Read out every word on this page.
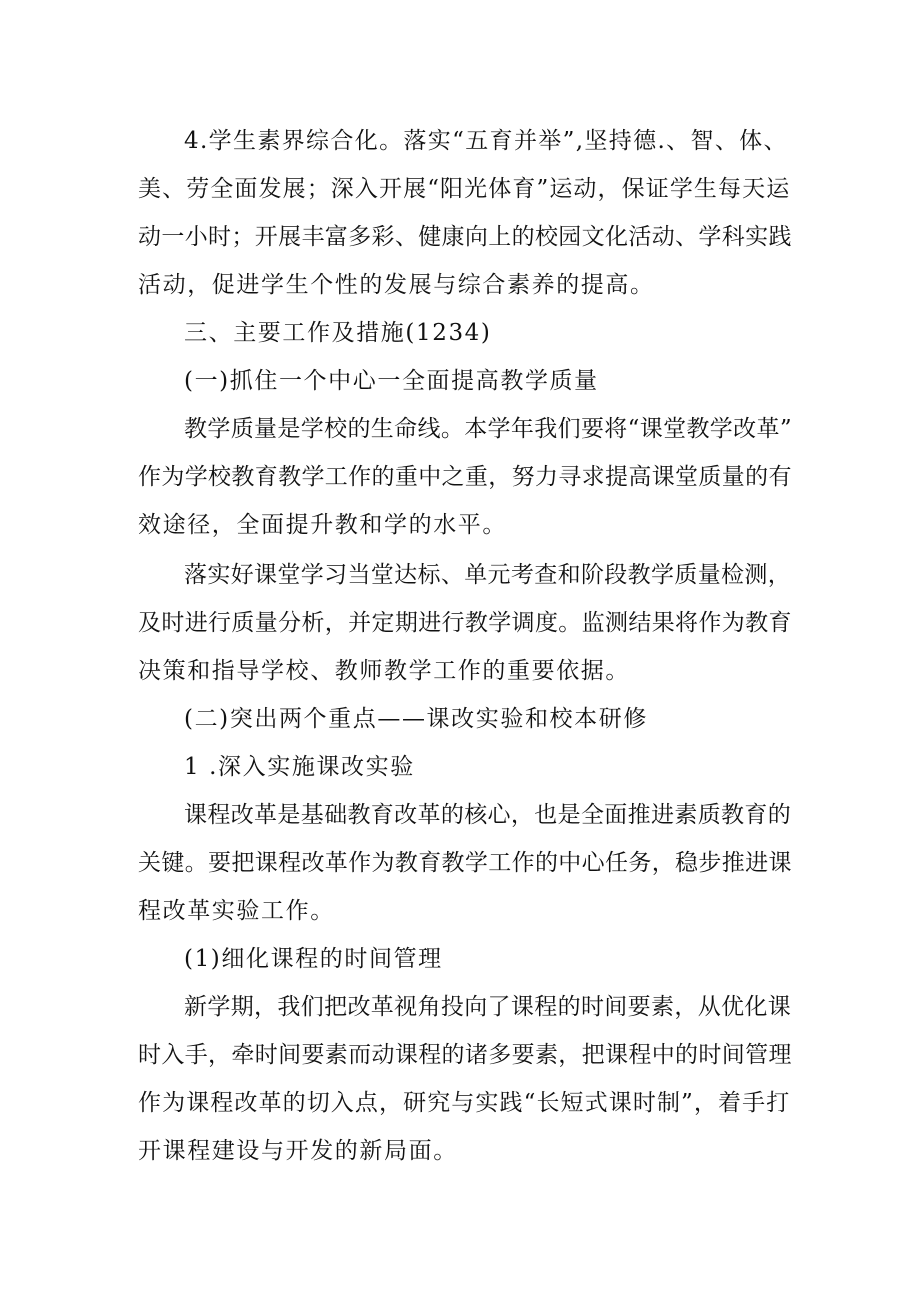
4.学生素界综合化。落实“五育并举”,坚持德.、智、体、

美、劳全面发展；深入开展“阳光体育”运动，保证学生每天运

动一小时；开展丰富多彩、健康向上的校园文化活动、学科实践

活动，促进学生个性的发展与综合素养的提高。

三、主要工作及措施(1234)

(一)抓住一个中心一全面提高教学质量

教学质量是学校的生命线。本学年我们要将“课堂教学改革”

作为学校教育教学工作的重中之重，努力寻求提高课堂质量的有

效途径，全面提升教和学的水平。

落实好课堂学习当堂达标、单元考查和阶段教学质量检测，

及时进行质量分析，并定期进行教学调度。监测结果将作为教育

决策和指导学校、教师教学工作的重要依据。

(二)突出两个重点——课改实验和校本研修

1 .深入实施课改实验

课程改革是基础教育改革的核心，也是全面推进素质教育的

关键。要把课程改革作为教育教学工作的中心任务，稳步推进课

程改革实验工作。

(1)细化课程的时间管理

新学期，我们把改革视角投向了课程的时间要素，从优化课

时入手，牵时间要素而动课程的诸多要素，把课程中的时间管理

作为课程改革的切入点，研究与实践“长短式课时制”，着手打

开课程建设与开发的新局面。
